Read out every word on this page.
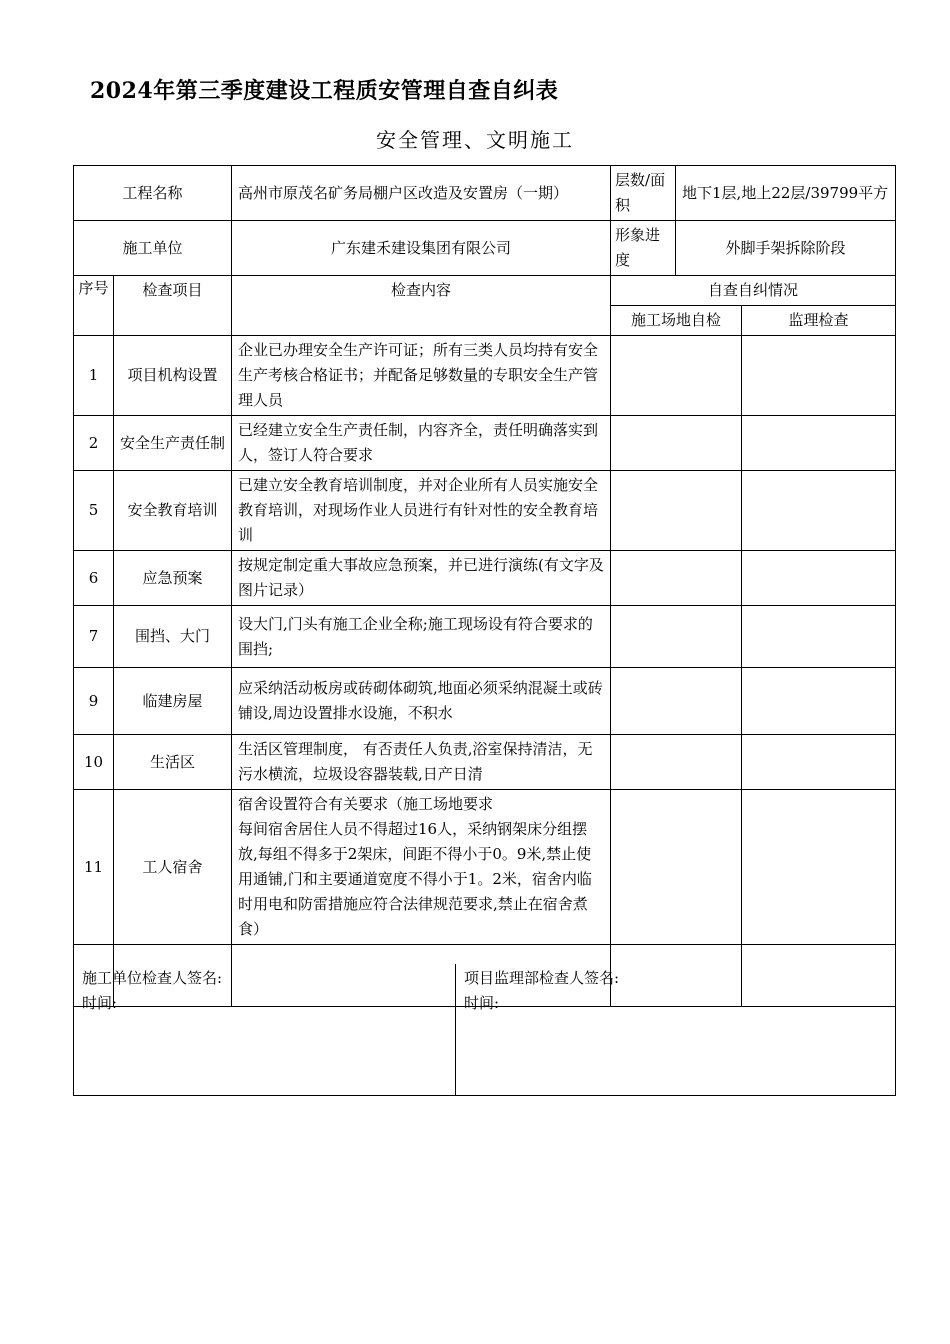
2024年第三季度建设工程质安管理自查自纠表
安全管理、文明施工
工程名称		高州市原茂名矿务局棚户区改造及安置房（一期）	层数/面积	地下1层,地上22层/39799平方	
施工单位		广东建禾建设集团有限公司	形象进度	外脚手架拆除阶段	
序号	检查项目	检查内容	自查自纠情况		
			施工场地自检		监理检查
1	项目机构设置	企业已办理安全生产许可证；所有三类人员均持有安全生产考核合格证书；并配备足够数量的专职安全生产管理人员			
2	安全生产责任制	已经建立安全生产责任制，内容齐全，责任明确落实到人，签订人符合要求			
5	安全教育培训	已建立安全教育培训制度，并对企业所有人员实施安全教育培训，对现场作业人员进行有针对性的安全教育培训			
6	应急预案	按规定制定重大事故应急预案，并已进行演练(有文字及图片记录）			
7	围挡、大门	设大门,门头有施工企业全称;施工现场设有符合要求的围挡;			
9	临建房屋	应采纳活动板房或砖砌体砌筑,地面必须采纳混凝土或砖铺设,周边设置排水设施，不积水			
10	生活区	生活区管理制度， 有否责任人负责,浴室保持清洁，无污水横流，垃圾设容器装载,日产日清			
11	工人宿舍	宿舍设置符合有关要求（施工场地要求
每间宿舍居住人员不得超过16人，采纳钢架床分组摆放,每组不得多于2架床，间距不得小于0。9米,禁止使用通铺,门和主要通道宽度不得小于1。2米，宿舍内临时用电和防雷措施应符合法律规范要求,禁止在宿舍煮食）			

施工单位检查人签名:
时间:

项目监理部检查人签名:
时间:
